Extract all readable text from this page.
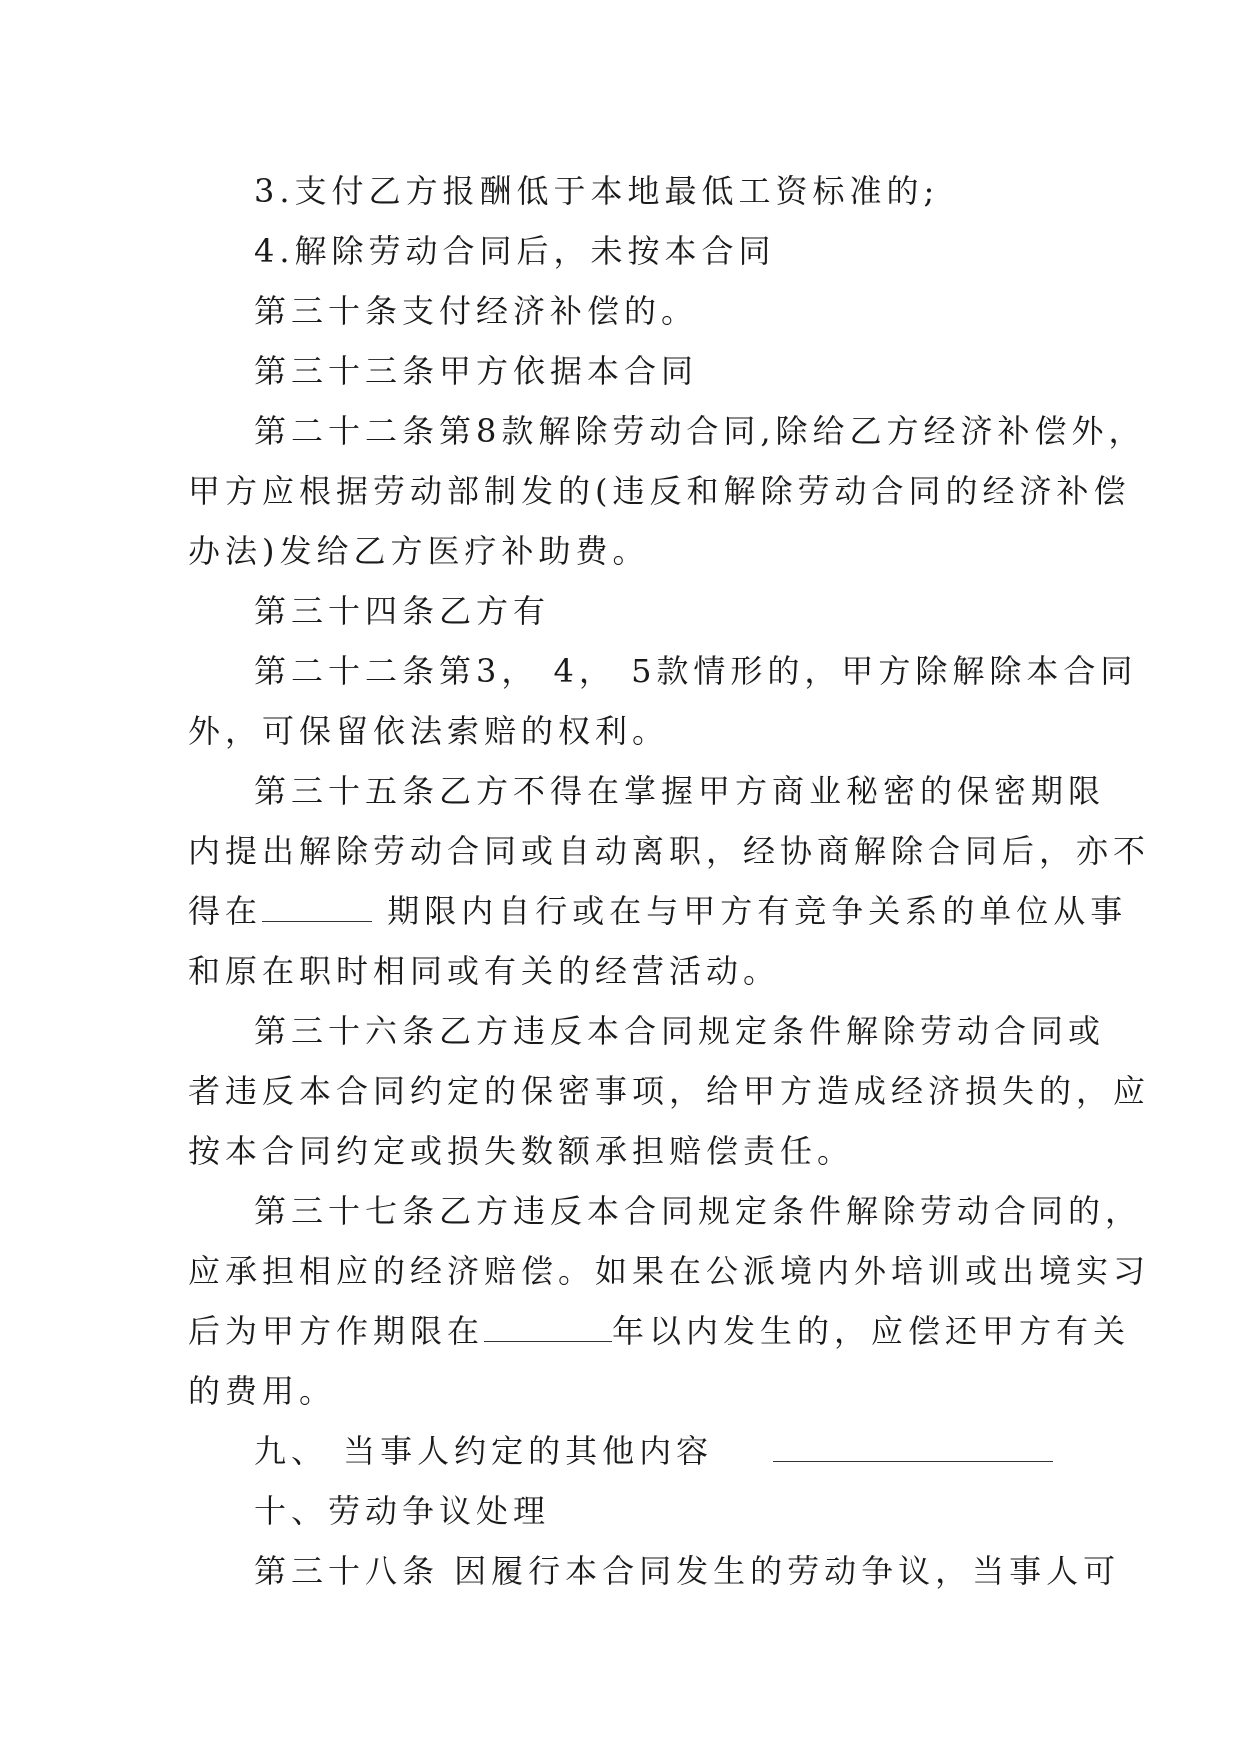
3.支付乙方报酬低于本地最低工资标准的;
4.解除劳动合同后，未按本合同
第三十条支付经济补偿的。
第三十三条甲方依据本合同
第二十二条第8款解除劳动合同,除给乙方经济补偿外，
甲方应根据劳动部制发的(违反和解除劳动合同的经济补偿
办法)发给乙方医疗补助费。
第三十四条乙方有
第二十二条第3， 4， 5款情形的，甲方除解除本合同
外，可保留依法索赔的权利。
第三十五条乙方不得在掌握甲方商业秘密的保密期限
内提出解除劳动合同或自动离职，经协商解除合同后，亦不
得在	期限内自行或在与甲方有竞争关系的单位从事
和原在职时相同或有关的经营活动。
第三十六条乙方违反本合同规定条件解除劳动合同或
者违反本合同约定的保密事项，给甲方造成经济损失的，应
按本合同约定或损失数额承担赔偿责任。
第三十七条乙方违反本合同规定条件解除劳动合同的，
应承担相应的经济赔偿。如果在公派境内外培训或出境实习
后为甲方作期限在	年以内发生的，应偿还甲方有关
的费用。
九、 当事人约定的其他内容
十、劳动争议处理
第三十八条 因履行本合同发生的劳动争议，当事人可
